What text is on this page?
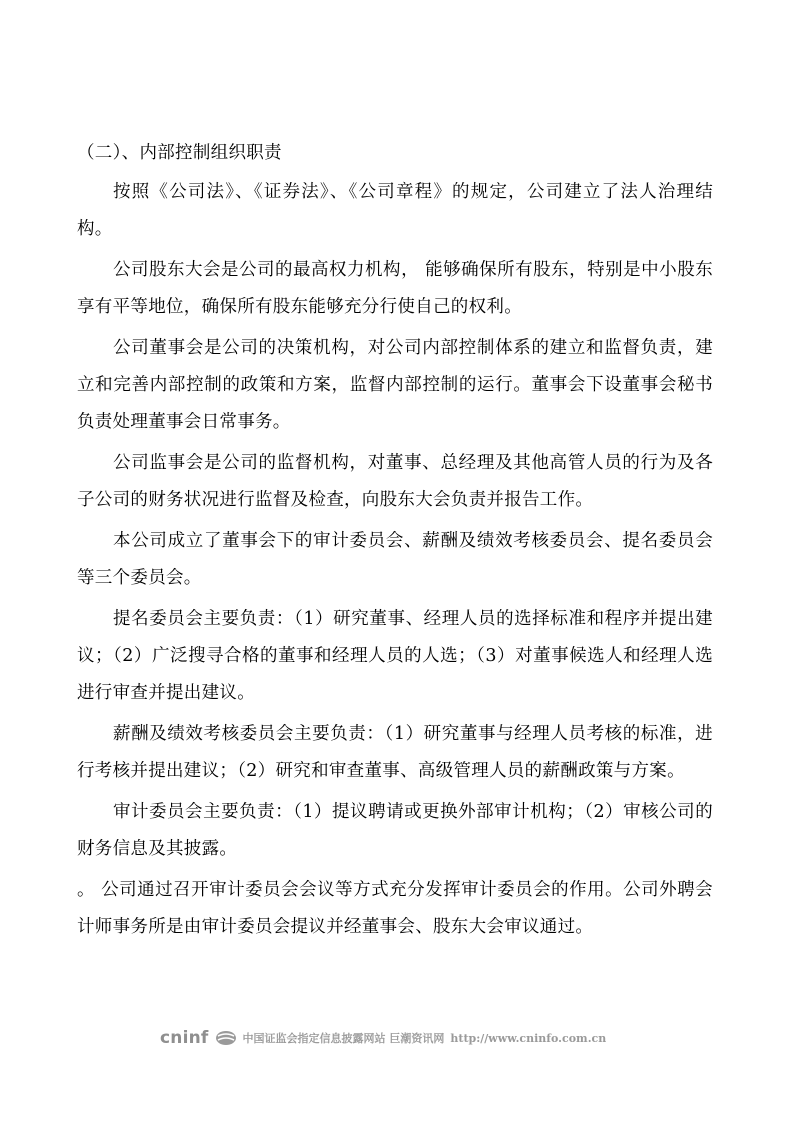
（二）、内部控制组织职责

按照《公司法》、《证券法》、《公司章程》的规定，公司建立了法人治理结构。

公司股东大会是公司的最高权力机构， 能够确保所有股东，特别是中小股东享有平等地位，确保所有股东能够充分行使自己的权利。

公司董事会是公司的决策机构，对公司内部控制体系的建立和监督负责，建立和完善内部控制的政策和方案，监督内部控制的运行。董事会下设董事会秘书负责处理董事会日常事务。

公司监事会是公司的监督机构，对董事、总经理及其他高管人员的行为及各子公司的财务状况进行监督及检查，向股东大会负责并报告工作。

本公司成立了董事会下的审计委员会、薪酬及绩效考核委员会、提名委员会等三个委员会。

提名委员会主要负责：（1）研究董事、经理人员的选择标准和程序并提出建议；（2）广泛搜寻合格的董事和经理人员的人选；（3）对董事候选人和经理人选进行审查并提出建议。

薪酬及绩效考核委员会主要负责：（1）研究董事与经理人员考核的标准，进行考核并提出建议；（2）研究和审查董事、高级管理人员的薪酬政策与方案。

审计委员会主要负责：（1）提议聘请或更换外部审计机构；（2）审核公司的财务信息及其披露。

。 公司通过召开审计委员会会议等方式充分发挥审计委员会的作用。公司外聘会计师事务所是由审计委员会提议并经董事会、股东大会审议通过。

cninf	中国证监会指定信息披露网站 巨潮资讯网 http://www.cninfo.com.cn
